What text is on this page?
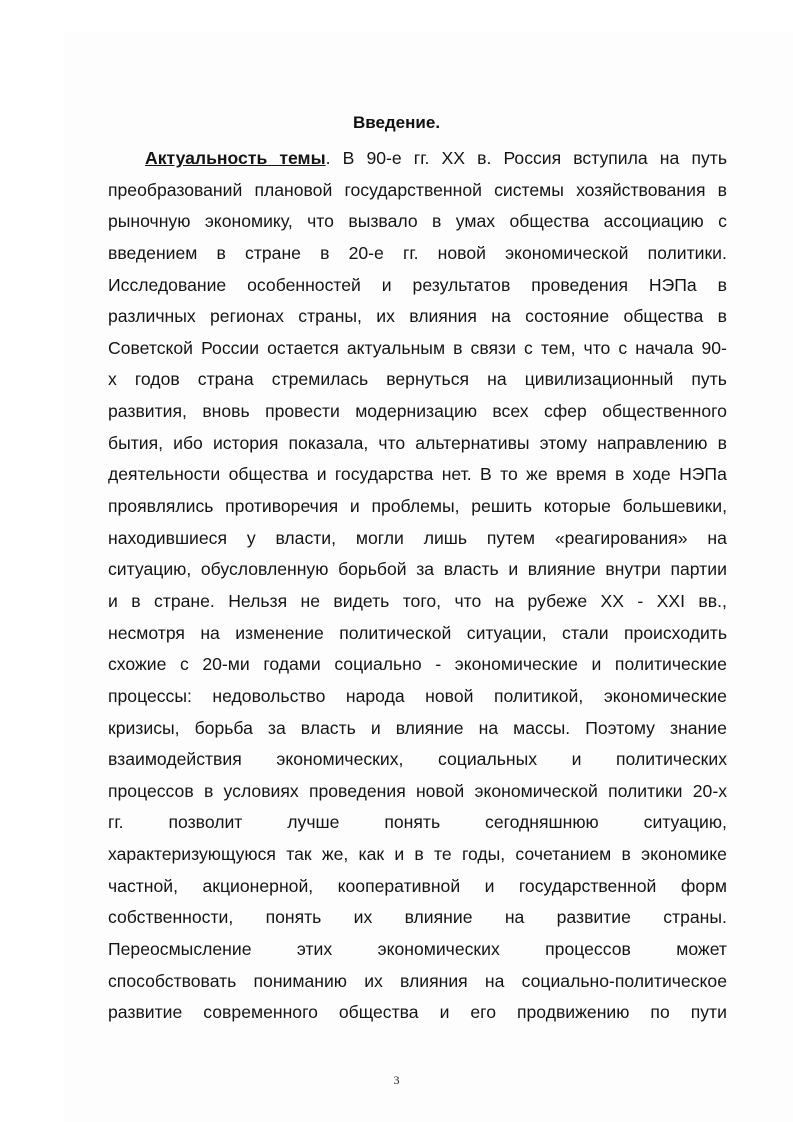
Введение.
Актуальность темы. В 90-е гг. XX в. Россия вступила на путь
преобразований плановой государственной системы хозяйствования в
рыночную экономику, что вызвало в умах общества ассоциацию с
введением в стране в 20-е гг. новой экономической политики.
Исследование особенностей и результатов проведения НЭПа в
различных регионах страны, их влияния на состояние общества в
Советской России остается актуальным в связи с тем, что с начала 90-
х годов страна стремилась вернуться на цивилизационный путь
развития, вновь провести модернизацию всех сфер общественного
бытия, ибо история показала, что альтернативы этому направлению в
деятельности общества и государства нет. В то же время в ходе НЭПа
проявлялись противоречия и проблемы, решить которые большевики,
находившиеся у власти, могли лишь путем «реагирования» на
ситуацию, обусловленную борьбой за власть и влияние внутри партии
и в стране. Нельзя не видеть того, что на рубеже XX - XXI вв.,
несмотря на изменение политической ситуации, стали происходить
схожие с 20-ми годами социально - экономические и политические
процессы: недовольство народа новой политикой, экономические
кризисы, борьба за власть и влияние на массы. Поэтому знание
взаимодействия экономических, социальных и политических
процессов в условиях проведения новой экономической политики 20-х
гг.	позволит	лучше	понять	сегодняшнюю	ситуацию,
характеризующуюся так же, как и в те годы, сочетанием в экономике
частной, акционерной, кооперативной и государственной форм
собственности, понять их влияние на развитие страны.
Переосмысление	этих	экономических	процессов	может
способствовать пониманию их влияния на социально-политическое
развитие современного общества и его продвижению по пути
3
